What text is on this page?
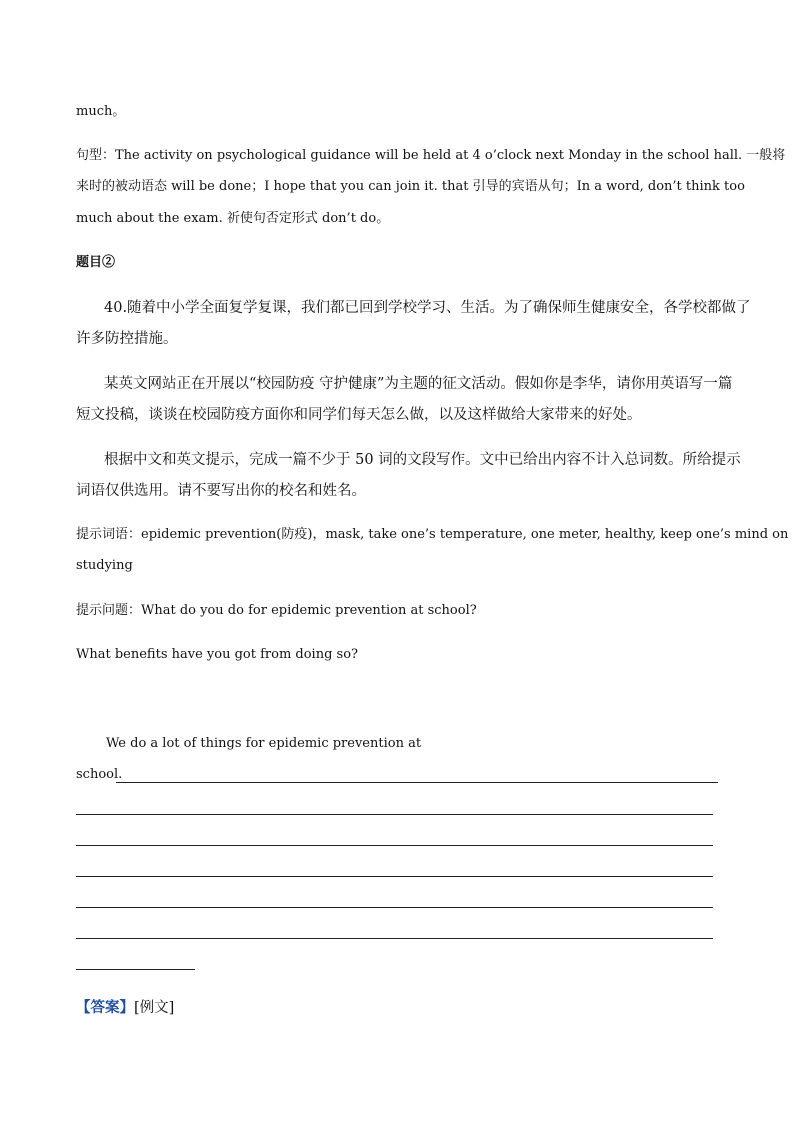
much。
句型：The activity on psychological guidance will be held at 4 o’clock next Monday in the school hall. 一般将
来时的被动语态 will be done；I hope that you can join it. that 引导的宾语从句；In a word, don’t think too
much about the exam. 祈使句否定形式 don’t do。
题目②
40.随着中小学全面复学复课，我们都已回到学校学习、生活。为了确保师生健康安全，各学校都做了
许多防控措施。
某英文网站正在开展以“校园防疫 守护健康”为主题的征文活动。假如你是李华，请你用英语写一篇
短文投稿，谈谈在校园防疫方面你和同学们每天怎么做，以及这样做给大家带来的好处。
根据中文和英文提示，完成一篇不少于 50 词的文段写作。文中已给出内容不计入总词数。所给提示
词语仅供选用。请不要写出你的校名和姓名。
提示词语：epidemic prevention(防疫)，mask, take one’s temperature, one meter, healthy, keep one’s mind on
studying
提示问题：What do you do for epidemic prevention at school?
What benefits have you got from doing so?
We do a lot of things for epidemic prevention at
school.
【答案】[例文]
